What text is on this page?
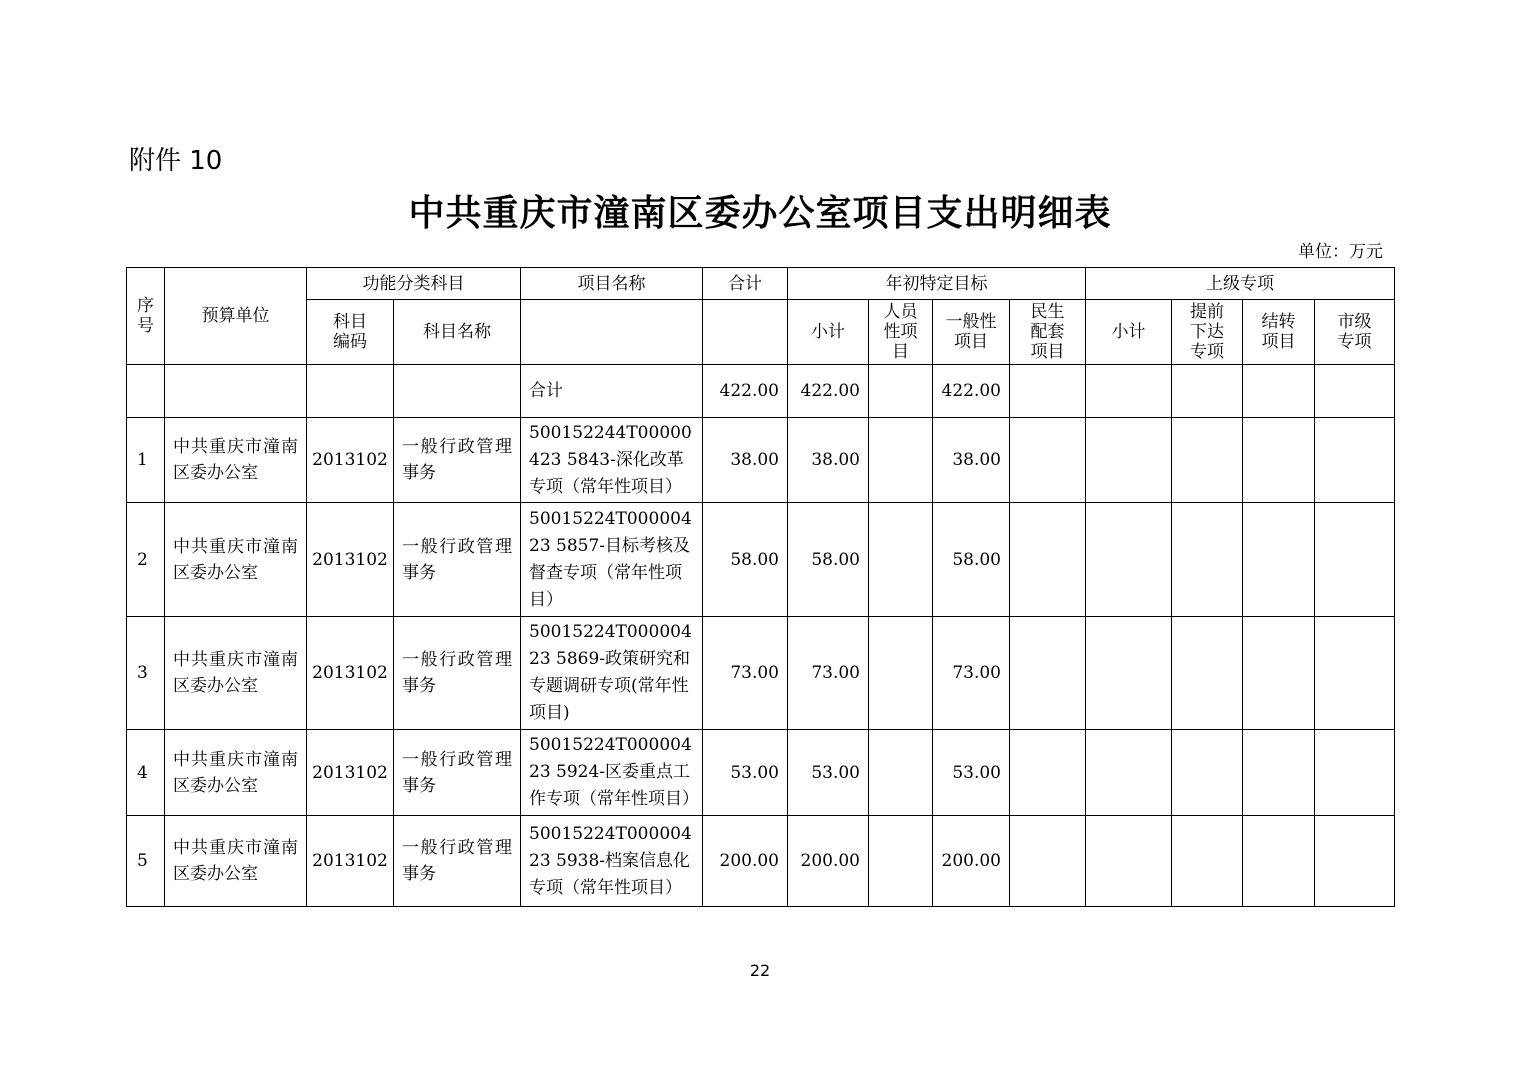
附件 10
中共重庆市潼南区委办公室项目支出明细表
单位：万元
序号	预算单位	功能分类科目		项目名称	合计	年初特定目标				上级专项			

		科目编码	科目名称			小计	人员性项目	一般性项目	民生配套项目	小计	提前下达专项	结转项目	市级专项

				合计	422.00	422.00		422.00					
1	中共重庆市潼南区委办公室	2013102	一般行政管理事务	500152244T00000423 5843-深化改革专项（常年性项目）	38.00	38.00		38.00					
2	中共重庆市潼南区委办公室	2013102	一般行政管理事务	50015224T00000423 5857-目标考核及督查专项（常年性项目）	58.00	58.00		58.00					
3	中共重庆市潼南区委办公室	2013102	一般行政管理事务	50015224T00000423 5869-政策研究和专题调研专项(常年性项目)	73.00	73.00		73.00					
4	中共重庆市潼南区委办公室	2013102	一般行政管理事务	50015224T00000423 5924-区委重点工作专项（常年性项目）	53.00	53.00		53.00					
5	中共重庆市潼南区委办公室	2013102	一般行政管理事务	50015224T00000423 5938-档案信息化专项（常年性项目）	200.00	200.00		200.00					
22
